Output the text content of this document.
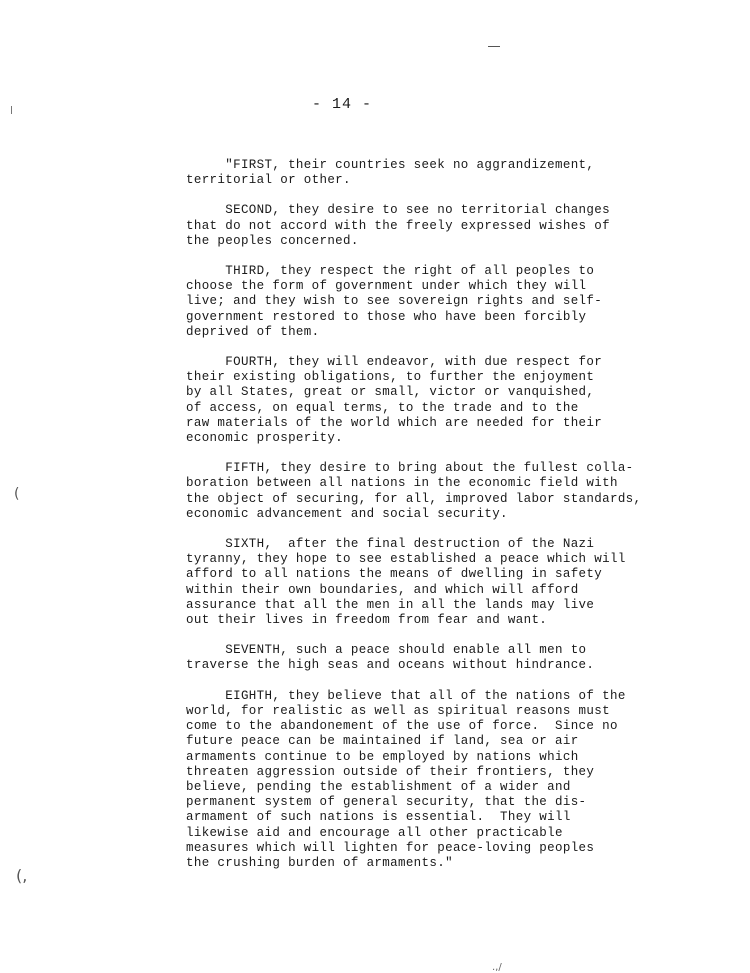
- 14 -
"FIRST, their countries seek no aggrandizement,
territorial or other.
SECOND, they desire to see no territorial changes
that do not accord with the freely expressed wishes of
the peoples concerned.
THIRD, they respect the right of all peoples to
choose the form of government under which they will
live; and they wish to see sovereign rights and self-
government restored to those who have been forcibly
deprived of them.
FOURTH, they will endeavor, with due respect for
their existing obligations, to further the enjoyment
by all States, great or small, victor or vanquished,
of access, on equal terms, to the trade and to the
raw materials of the world which are needed for their
economic prosperity.
FIFTH, they desire to bring about the fullest colla-
boration between all nations in the economic field with
the object of securing, for all, improved labor standards,
economic advancement and social security.
SIXTH,  after the final destruction of the Nazi
tyranny, they hope to see established a peace which will
afford to all nations the means of dwelling in safety
within their own boundaries, and which will afford
assurance that all the men in all the lands may live
out their lives in freedom from fear and want.
SEVENTH, such a peace should enable all men to
traverse the high seas and oceans without hindrance.
EIGHTH, they believe that all of the nations of the
world, for realistic as well as spiritual reasons must
come to the abandonement of the use of force.  Since no
future peace can be maintained if land, sea or air
armaments continue to be employed by nations which
threaten aggression outside of their frontiers, they
believe, pending the establishment of a wider and
permanent system of general security, that the dis-
armament of such nations is essential.  They will
likewise aid and encourage all other practicable
measures which will lighten for peace-loving peoples
the crushing burden of armaments."
(
(,
.,/
